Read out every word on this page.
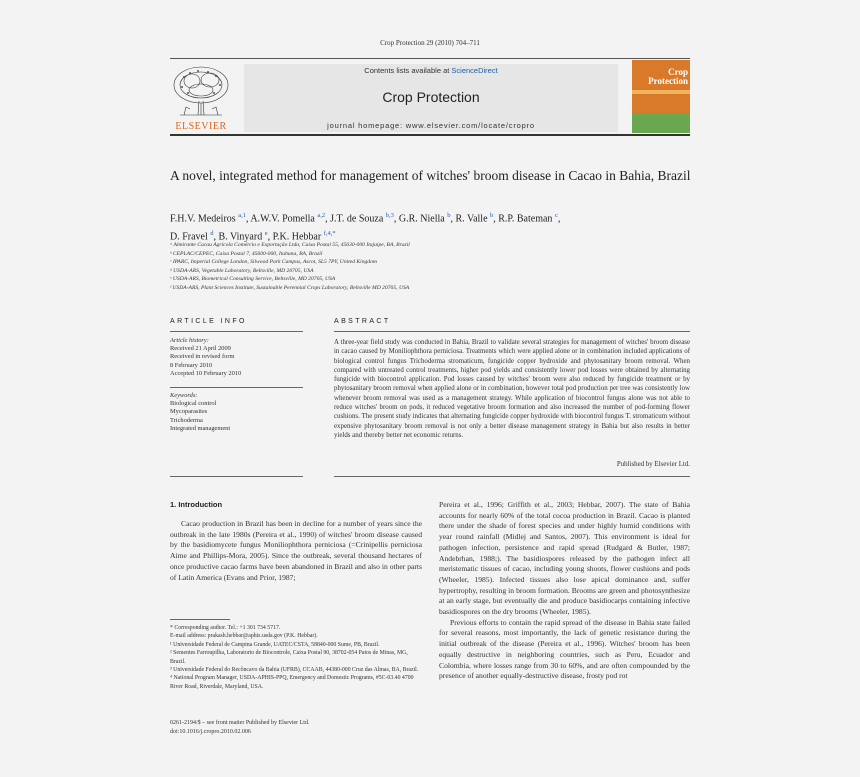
Crop Protection 29 (2010) 704–711
ELSEVIER
Contents lists available at ScienceDirect
Crop Protection
journal homepage: www.elsevier.com/locate/cropro
Crop Protection
A novel, integrated method for management of witches' broom disease in Cacao in Bahia, Brazil
F.H.V. Medeiros $^{a,1}$, A.W.V. Pomella $^{a,2}$, J.T. de Souza $^{b,3}$, G.R. Niella $^b$, R. Valle $^b$, R.P. Bateman $^c$,
D. Fravel $^d$, B. Vinyard $^e$, P.K. Hebbar $^{f,4,*}$
ᵃ Almirante Cacau Agrícola Comércio e Exportação Ltda, Caixa Postal 55, 45630-000 Itajuípe, BA, Brazil
ᵇ CEPLAC/CEPEC, Caixa Postal 7, 45600-000, Itabuna, BA, Brazil
ᶜ IPARC, Imperial College London, Silwood Park Campus, Ascot, SL5 7PY, United Kingdom
ᵈ USDA-ARS, Vegetable Laboratory, Beltsville, MD 20705, USA
ᵉ USDA-ARS, Biometrical Consulting Service, Beltsville, MD 20705, USA
ᶠ USDA-ARS, Plant Sciences Institute, Sustainable Perennial Crops Laboratory, Beltsville MD 20705, USA
ARTICLE INFO
Article history:
Received 21 April 2009
Received in revised form
8 February 2010
Accepted 10 February 2010
Keywords:
Biological control
Mycoparasites
Trichoderma
Integrated management
ABSTRACT
A three-year field study was conducted in Bahia, Brazil to validate several strategies for management of witches' broom disease in cacao caused by Moniliophthora perniciosa. Treatments which were applied alone or in combination included applications of biological control fungus Trichoderma stromaticum, fungicide copper hydroxide and phytosanitary broom removal. When compared with untreated control treatments, higher pod yields and consistently lower pod losses were obtained by alternating fungicide with biocontrol application. Pod losses caused by witches' broom were also reduced by fungicide treatment or by phytosanitary broom removal when applied alone or in combination, however total pod production per tree was consistently low whenever broom removal was used as a management strategy. While application of biocontrol fungus alone was not able to reduce witches' broom on pods, it reduced vegetative broom formation and also increased the number of pod-forming flower cushions. The present study indicates that alternating fungicide copper hydroxide with biocontrol fungus T. stromaticum without expensive phytosanitary broom removal is not only a better disease management strategy in Bahia but also results in better yields and thereby better net economic returns.
Published by Elsevier Ltd.
1. Introduction

Cacao production in Brazil has been in decline for a number of years since the outbreak in the late 1980s (Pereira et al., 1990) of witches' broom disease caused by the basidiomycete fungus Moniliophthora perniciosa (=Crinipellis perniciosa Aime and Phillips-Mora, 2005). Since the outbreak, several thousand hectares of once productive cacao farms have been abandoned in Brazil and also in other parts of Latin America (Evans and Prior, 1987;

Pereira et al., 1996; Griffith et al., 2003; Hebbar, 2007). The state of Bahia accounts for nearly 60% of the total cocoa production in Brazil. Cacao is planted there under the shade of forest species and under highly humid conditions with year round rainfall (Midlej and Santos, 2007). This environment is ideal for pathogen infection, persistence and rapid spread (Rudgard & Butler, 1987; Andebrhan, 1988;). The basidiospores released by the pathogen infect all meristematic tissues of cacao, including young shoots, flower cushions and pods (Wheeler, 1985). Infected tissues also lose apical dominance and, suffer hypertrophy, resulting in broom formation. Brooms are green and photosynthesize at an early stage, but eventually die and produce basidiocarps containing infective basidiospores on the dry brooms (Wheeler, 1985).

Previous efforts to contain the rapid spread of the disease in Bahia state failed for several reasons, most importantly, the lack of genetic resistance during the initial outbreak of the disease (Pereira et al., 1996). Witches' broom has been equally destructive in neighboring countries, such as Peru, Ecuador and Colombia, where losses range from 30 to 60%, and are often compounded by the presence of another equally-destructive disease, frosty pod rot

* Corresponding author. Tel.: +1 301 734 5717.
E-mail address: prakash.hebbar@aphis.usda.gov (P.K. Hebbar).
¹ Universidade Federal de Campina Grande, UATEC/CSTA, 58840-000 Sume, PB, Brazil.
² Sementes Farroupilha, Laboratorio de Biocontrole, Caixa Postal 90, 38702-054 Patos de Minas, MG, Brazil.
³ Universidade Federal do Recôncavo da Bahia (UFRB), CCAAB, 44380-000 Cruz das Almas, BA, Brazil.
⁴ National Program Manager, USDA-APHIS-PPQ, Emergency and Domestic Programs, #5C-03.40 4700 River Road, Riverdale, Maryland, USA.
0261-2194/$ – see front matter Published by Elsevier Ltd.
doi:10.1016/j.cropro.2010.02.006
